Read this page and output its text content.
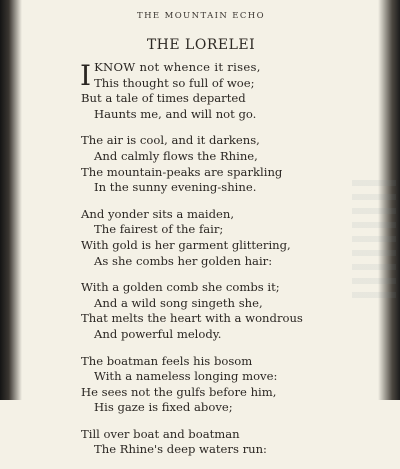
THE MOUNTAIN ECHO
THE LORELEI
I KNOW not whence it rises,
This thought so full of woe;
But a tale of times departed
Haunts me, and will not go.
The air is cool, and it darkens,
And calmly flows the Rhine,
The mountain-peaks are sparkling
In the sunny evening-shine.
And yonder sits a maiden,
The fairest of the fair;
With gold is her garment glittering,
As she combs her golden hair:
With a golden comb she combs it;
And a wild song singeth she,
That melts the heart with a wondrous
And powerful melody.
The boatman feels his bosom
With a nameless longing move:
He sees not the gulfs before him,
His gaze is fixed above;
Till over boat and boatman
The Rhine's deep waters run:
